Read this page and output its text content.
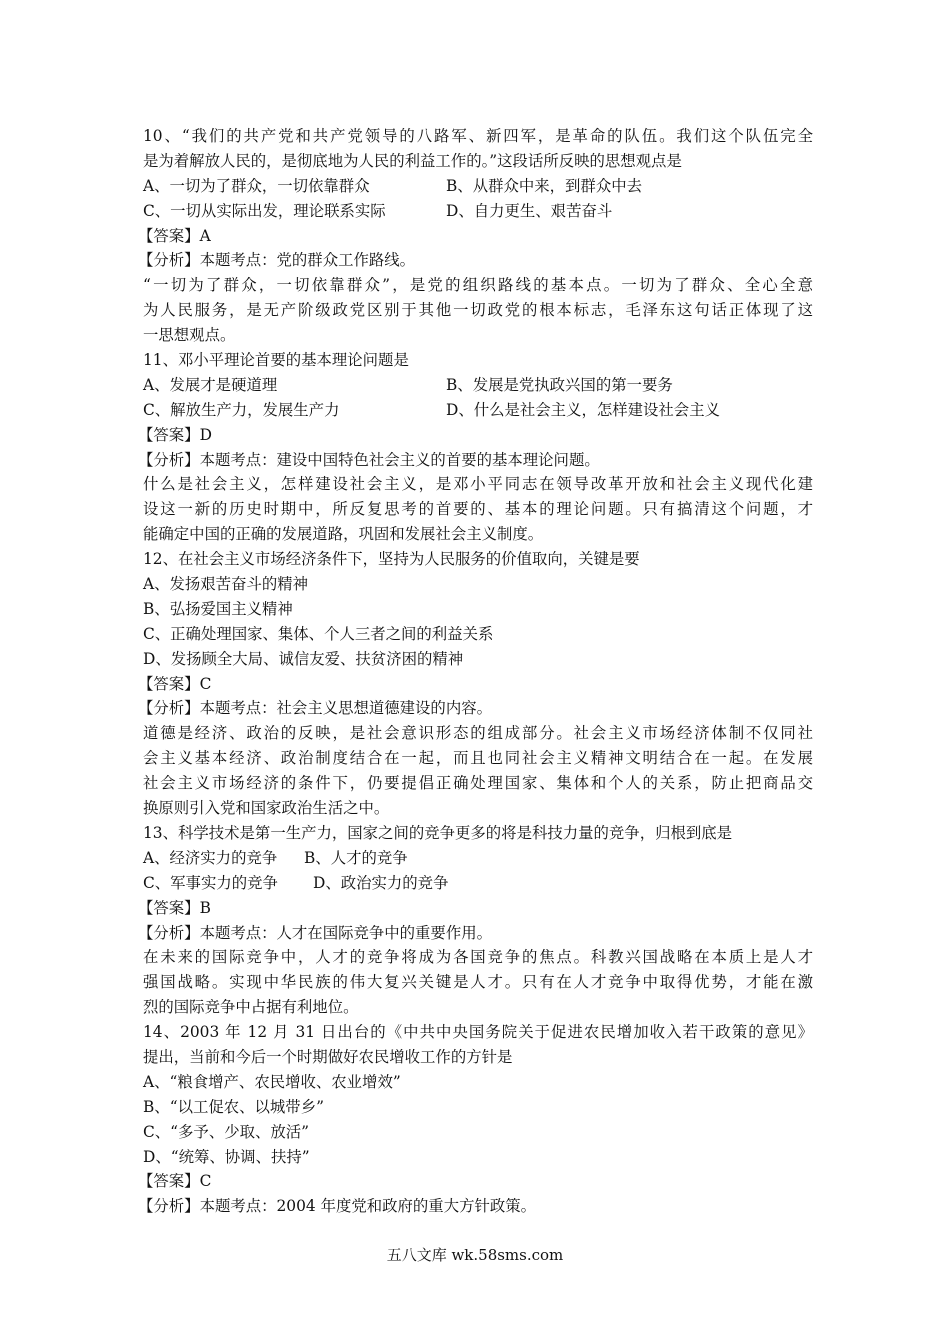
10、“我们的共产党和共产党领导的八路军、新四军，是革命的队伍。我们这个队伍完全
是为着解放人民的，是彻底地为人民的利益工作的。”这段话所反映的思想观点是
A、一切为了群众，一切依靠群众	B、从群众中来，到群众中去
C、一切从实际出发，理论联系实际	D、自力更生、艰苦奋斗
【答案】A
【分析】本题考点：党的群众工作路线。
“一切为了群众，一切依靠群众”，是党的组织路线的基本点。一切为了群众、全心全意
为人民服务，是无产阶级政党区别于其他一切政党的根本标志，毛泽东这句话正体现了这
一思想观点。
11、邓小平理论首要的基本理论问题是
A、发展才是硬道理	B、发展是党执政兴国的第一要务
C、解放生产力，发展生产力	D、什么是社会主义，怎样建设社会主义
【答案】D
【分析】本题考点：建设中国特色社会主义的首要的基本理论问题。
什么是社会主义，怎样建设社会主义，是邓小平同志在领导改革开放和社会主义现代化建
设这一新的历史时期中，所反复思考的首要的、基本的理论问题。只有搞清这个问题，才
能确定中国的正确的发展道路，巩固和发展社会主义制度。
12、在社会主义市场经济条件下，坚持为人民服务的价值取向，关键是要
A、发扬艰苦奋斗的精神
B、弘扬爱国主义精神
C、正确处理国家、集体、个人三者之间的利益关系
D、发扬顾全大局、诚信友爱、扶贫济困的精神
【答案】C
【分析】本题考点：社会主义思想道德建设的内容。
道德是经济、政治的反映，是社会意识形态的组成部分。社会主义市场经济体制不仅同社
会主义基本经济、政治制度结合在一起，而且也同社会主义精神文明结合在一起。在发展
社会主义市场经济的条件下，仍要提倡正确处理国家、集体和个人的关系，防止把商品交
换原则引入党和国家政治生活之中。
13、科学技术是第一生产力，国家之间的竞争更多的将是科技力量的竞争，归根到底是
A、经济实力的竞争 B、人才的竞争
C、军事实力的竞争 D、政治实力的竞争
【答案】B
【分析】本题考点：人才在国际竞争中的重要作用。
在未来的国际竞争中，人才的竞争将成为各国竞争的焦点。科教兴国战略在本质上是人才
强国战略。实现中华民族的伟大复兴关键是人才。只有在人才竞争中取得优势，才能在激
烈的国际竞争中占据有利地位。
14、2003 年 12 月 31 日出台的《中共中央国务院关于促进农民增加收入若干政策的意见》
提出，当前和今后一个时期做好农民增收工作的方针是
A、“粮食增产、农民增收、农业增效”
B、“以工促农、以城带乡”
C、“多予、少取、放活”
D、“统筹、协调、扶持”
【答案】C
【分析】本题考点：2004 年度党和政府的重大方针政策。
五八文库 wk.58sms.com
